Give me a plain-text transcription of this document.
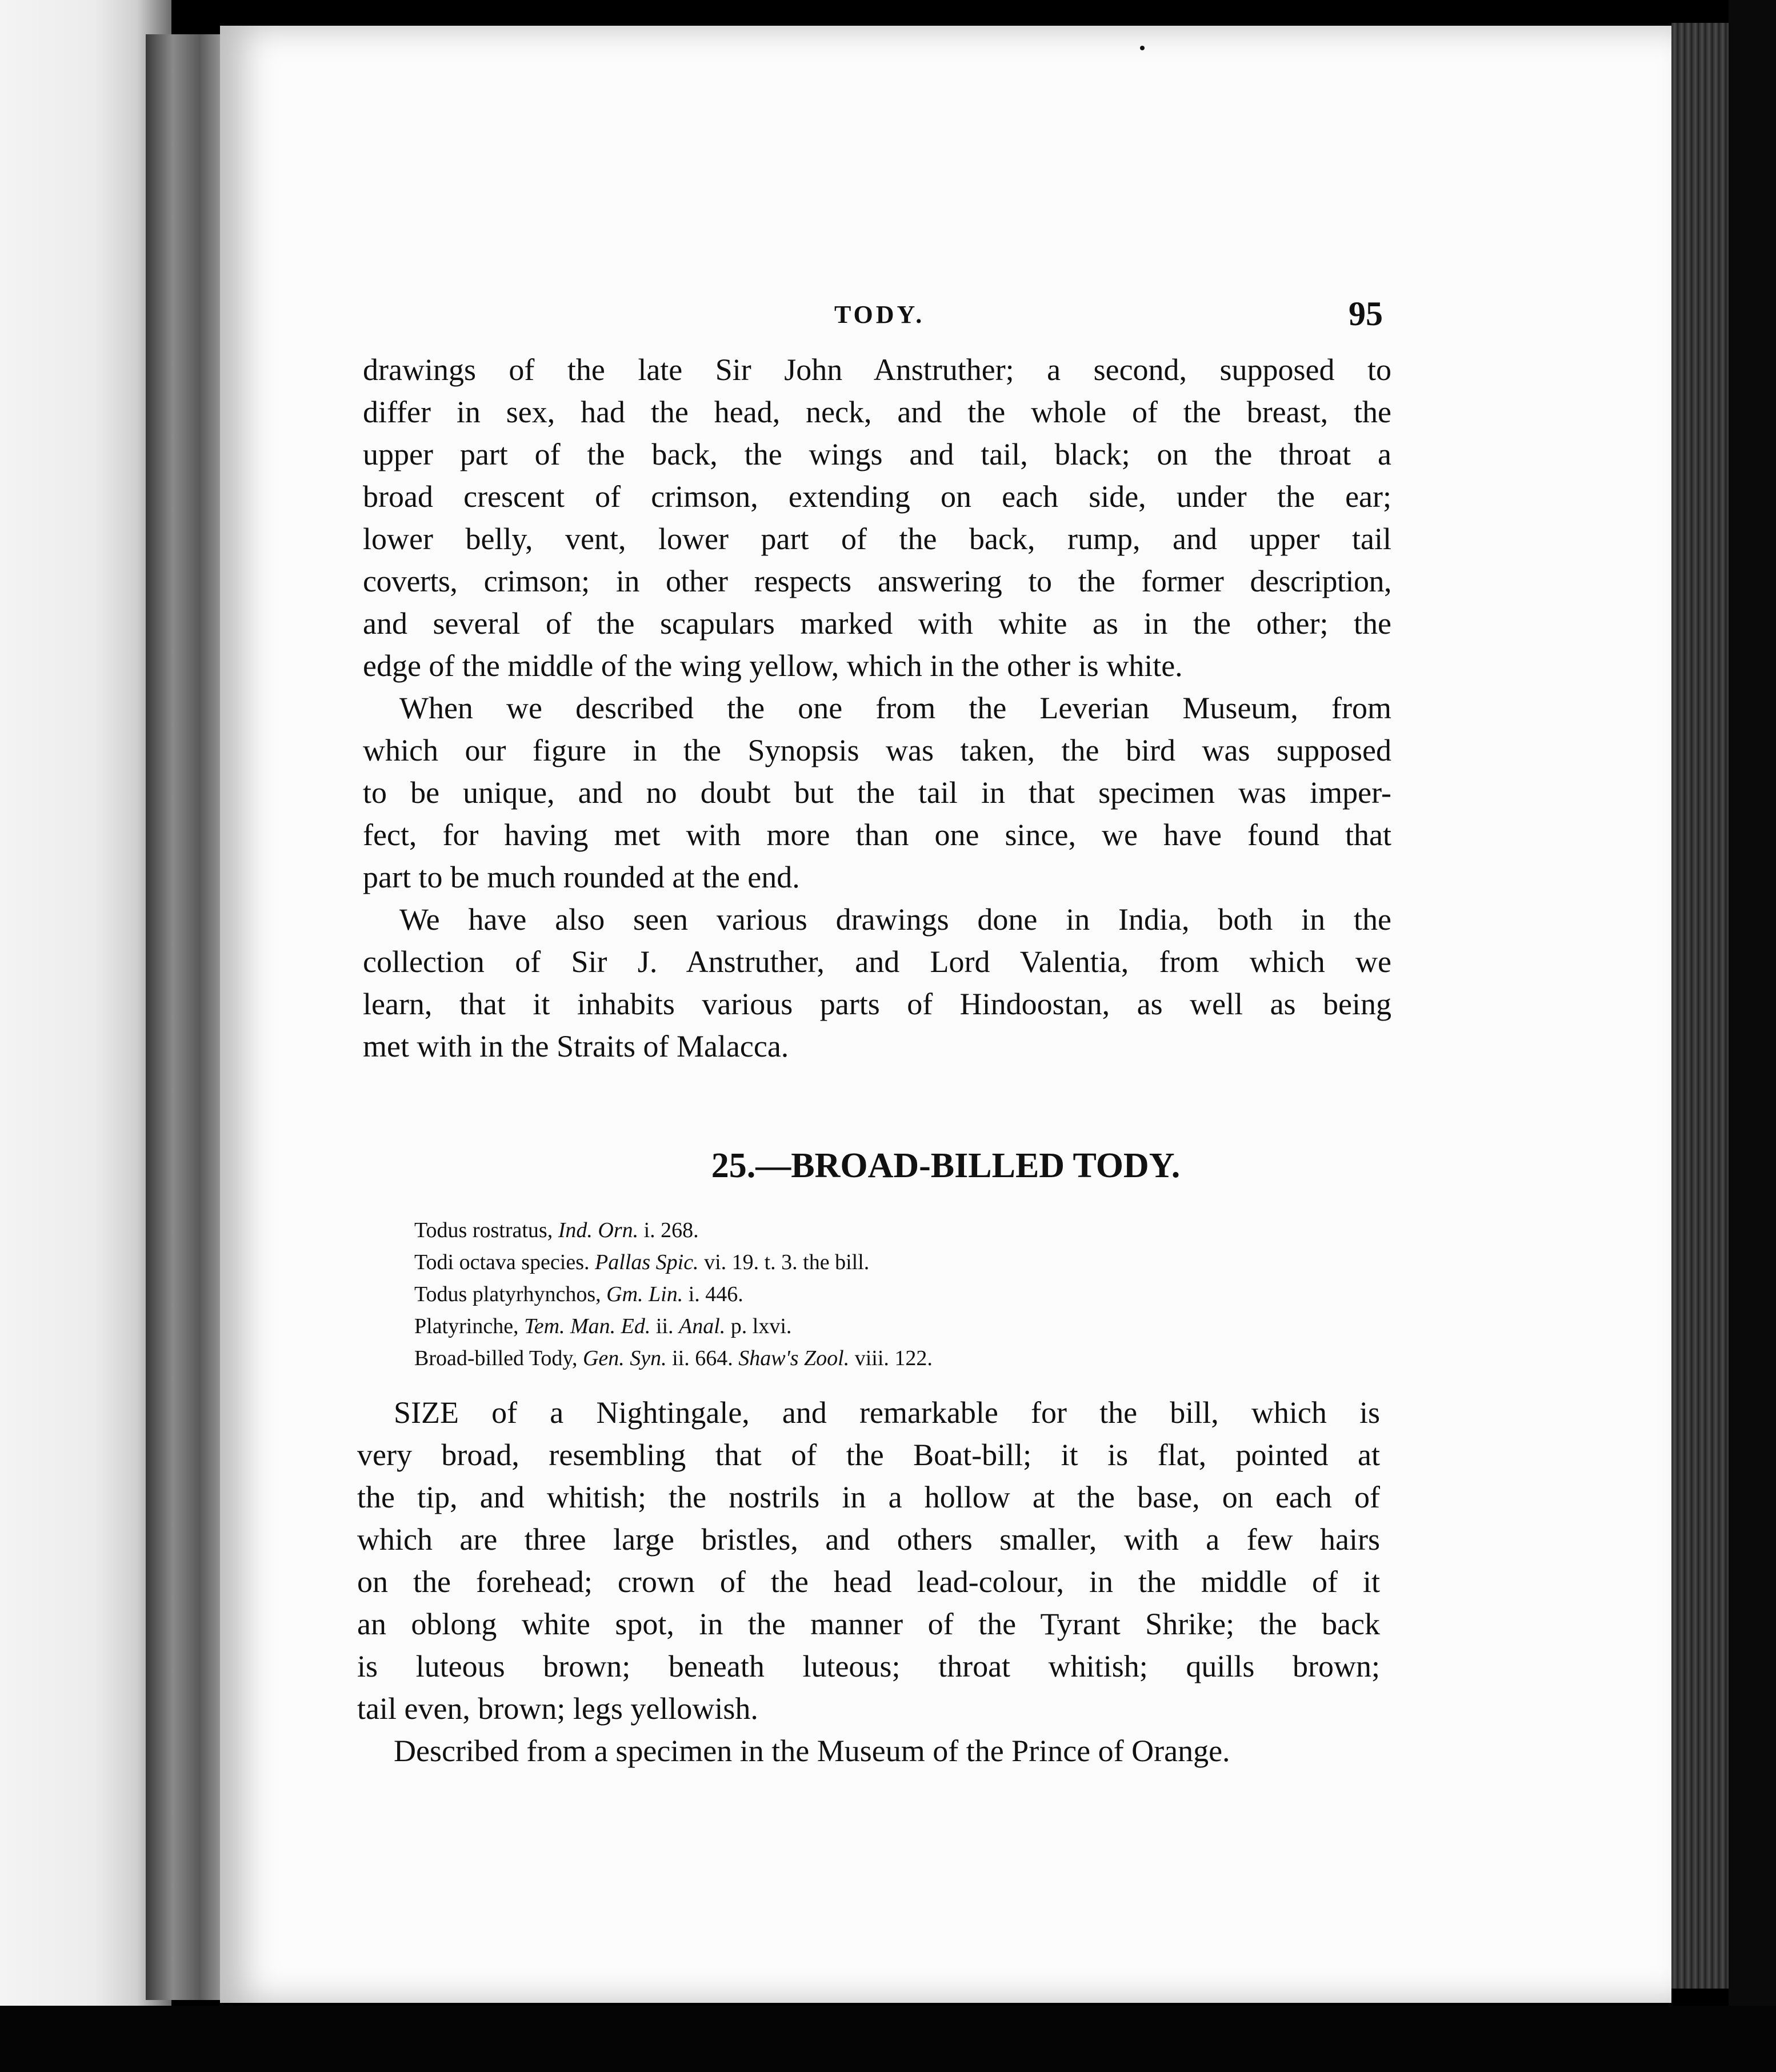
TODY.	95

drawings of the late Sir John Anstruther; a second, supposed to
differ in sex, had the head, neck, and the whole of the breast, the
upper part of the back, the wings and tail, black; on the throat a
broad crescent of crimson, extending on each side, under the ear;
lower belly, vent, lower part of the back, rump, and upper tail
coverts, crimson; in other respects answering to the former description,
and several of the scapulars marked with white as in the other; the
edge of the middle of the wing yellow, which in the other is white.

When we described the one from the Leverian Museum, from
which our figure in the Synopsis was taken, the bird was supposed
to be unique, and no doubt but the tail in that specimen was imper-
fect, for having met with more than one since, we have found that
part to be much rounded at the end.

We have also seen various drawings done in India, both in the
collection of Sir J. Anstruther, and Lord Valentia, from which we
learn, that it inhabits various parts of Hindoostan, as well as being
met with in the Straits of Malacca.

25.—BROAD-BILLED TODY.
Todus rostratus, Ind. Orn. i. 268.
Todi octava species. Pallas Spic. vi. 19. t. 3. the bill.
Todus platyrhynchos, Gm. Lin. i. 446.
Platyrinche, Tem. Man. Ed. ii. Anal. p. lxvi.
Broad-billed Tody, Gen. Syn. ii. 664. Shaw's Zool. viii. 122.

SIZE of a Nightingale, and remarkable for the bill, which is
very broad, resembling that of the Boat-bill; it is flat, pointed at
the tip, and whitish; the nostrils in a hollow at the base, on each of
which are three large bristles, and others smaller, with a few hairs
on the forehead; crown of the head lead-colour, in the middle of it
an oblong white spot, in the manner of the Tyrant Shrike; the back
is luteous brown; beneath luteous; throat whitish; quills brown;
tail even, brown; legs yellowish.

Described from a specimen in the Museum of the Prince of Orange.
